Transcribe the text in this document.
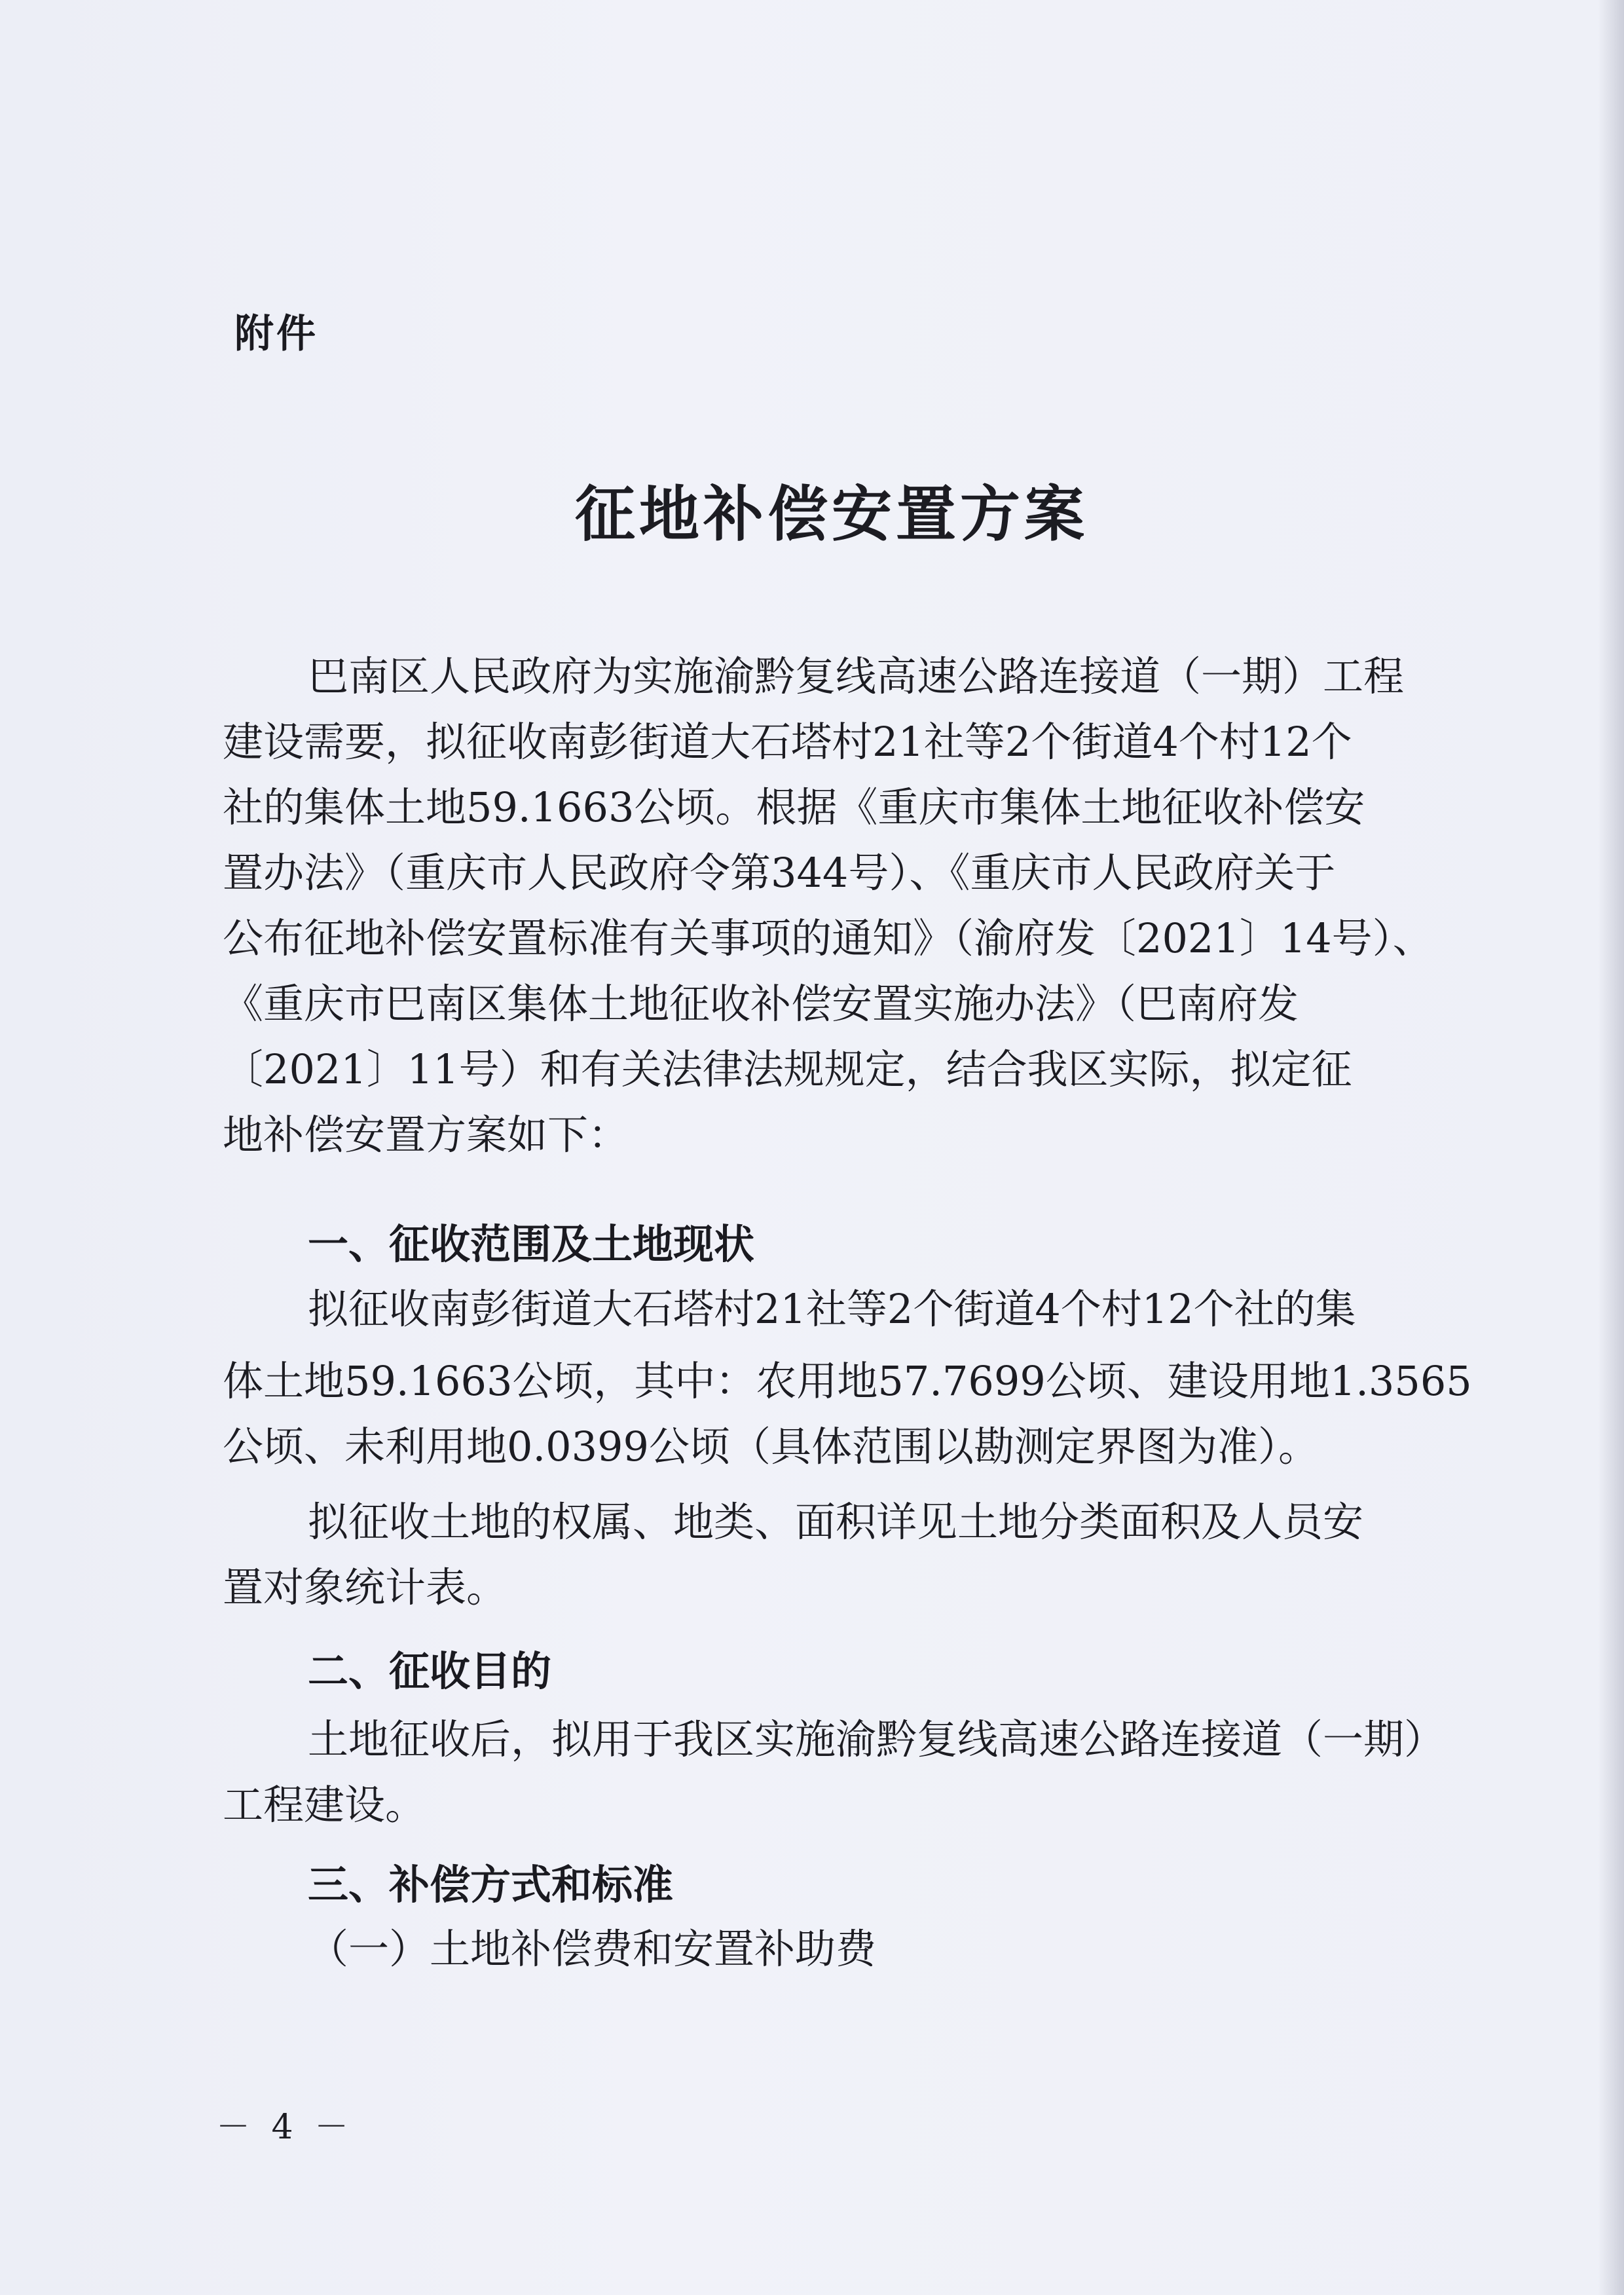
附件
征地补偿安置方案
巴南区人民政府为实施渝黔复线高速公路连接道（一期）工程
建设需要，拟征收南彭街道大石塔村21社等2个街道4个村12个
社的集体土地59.1663公顷。根据《重庆市集体土地征收补偿安
置办法》（重庆市人民政府令第344号）、《重庆市人民政府关于
公布征地补偿安置标准有关事项的通知》（渝府发〔2021〕14号）、
《重庆市巴南区集体土地征收补偿安置实施办法》（巴南府发
〔2021〕11号）和有关法律法规规定，结合我区实际，拟定征
地补偿安置方案如下：
一、征收范围及土地现状
拟征收南彭街道大石塔村21社等2个街道4个村12个社的集
体土地59.1663公顷，其中：农用地57.7699公顷、建设用地1.3565
公顷、未利用地0.0399公顷（具体范围以勘测定界图为准）。
拟征收土地的权属、地类、面积详见土地分类面积及人员安
置对象统计表。
二、征收目的
土地征收后，拟用于我区实施渝黔复线高速公路连接道（一期）
工程建设。
三、补偿方式和标准
（一）土地补偿费和安置补助费
－ 4 －
